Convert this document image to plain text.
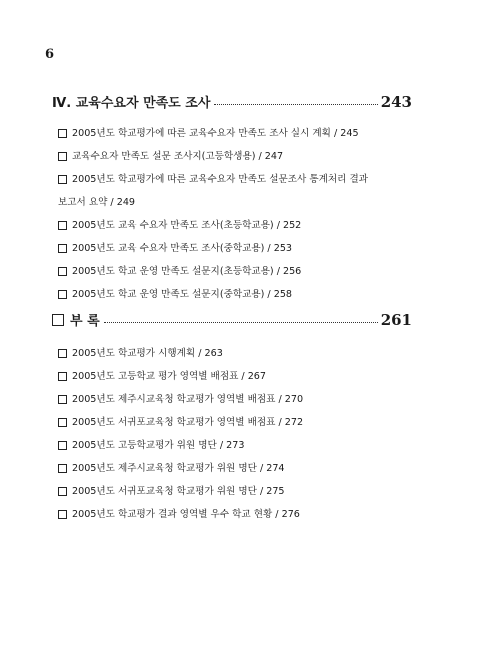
6
Ⅳ. 교육수요자 만족도 조사	243
2005년도 학교평가에 따른 교육수요자 만족도 조사 실시 계획 / 245
교육수요자 만족도 설문 조사지(고등학생용) / 247
2005년도 학교평가에 따른 교육수요자 만족도 설문조사 통계처리 결과
보고서 요약 / 249
2005년도 교육 수요자 만족도 조사(초등학교용) / 252
2005년도 교육 수요자 만족도 조사(중학교용) / 253
2005년도 학교 운영 만족도 설문지(초등학교용) / 256
2005년도 학교 운영 만족도 설문지(중학교용) / 258
부 록	261
2005년도 학교평가 시행계획 / 263
2005년도 고등학교 평가 영역별 배점표 / 267
2005년도 제주시교육청 학교평가 영역별 배점표 / 270
2005년도 서귀포교육청 학교평가 영역별 배점표 / 272
2005년도 고등학교평가 위원 명단 / 273
2005년도 제주시교육청 학교평가 위원 명단 / 274
2005년도 서귀포교육청 학교평가 위원 명단 / 275
2005년도 학교평가 결과 영역별 우수 학교 현황 / 276
